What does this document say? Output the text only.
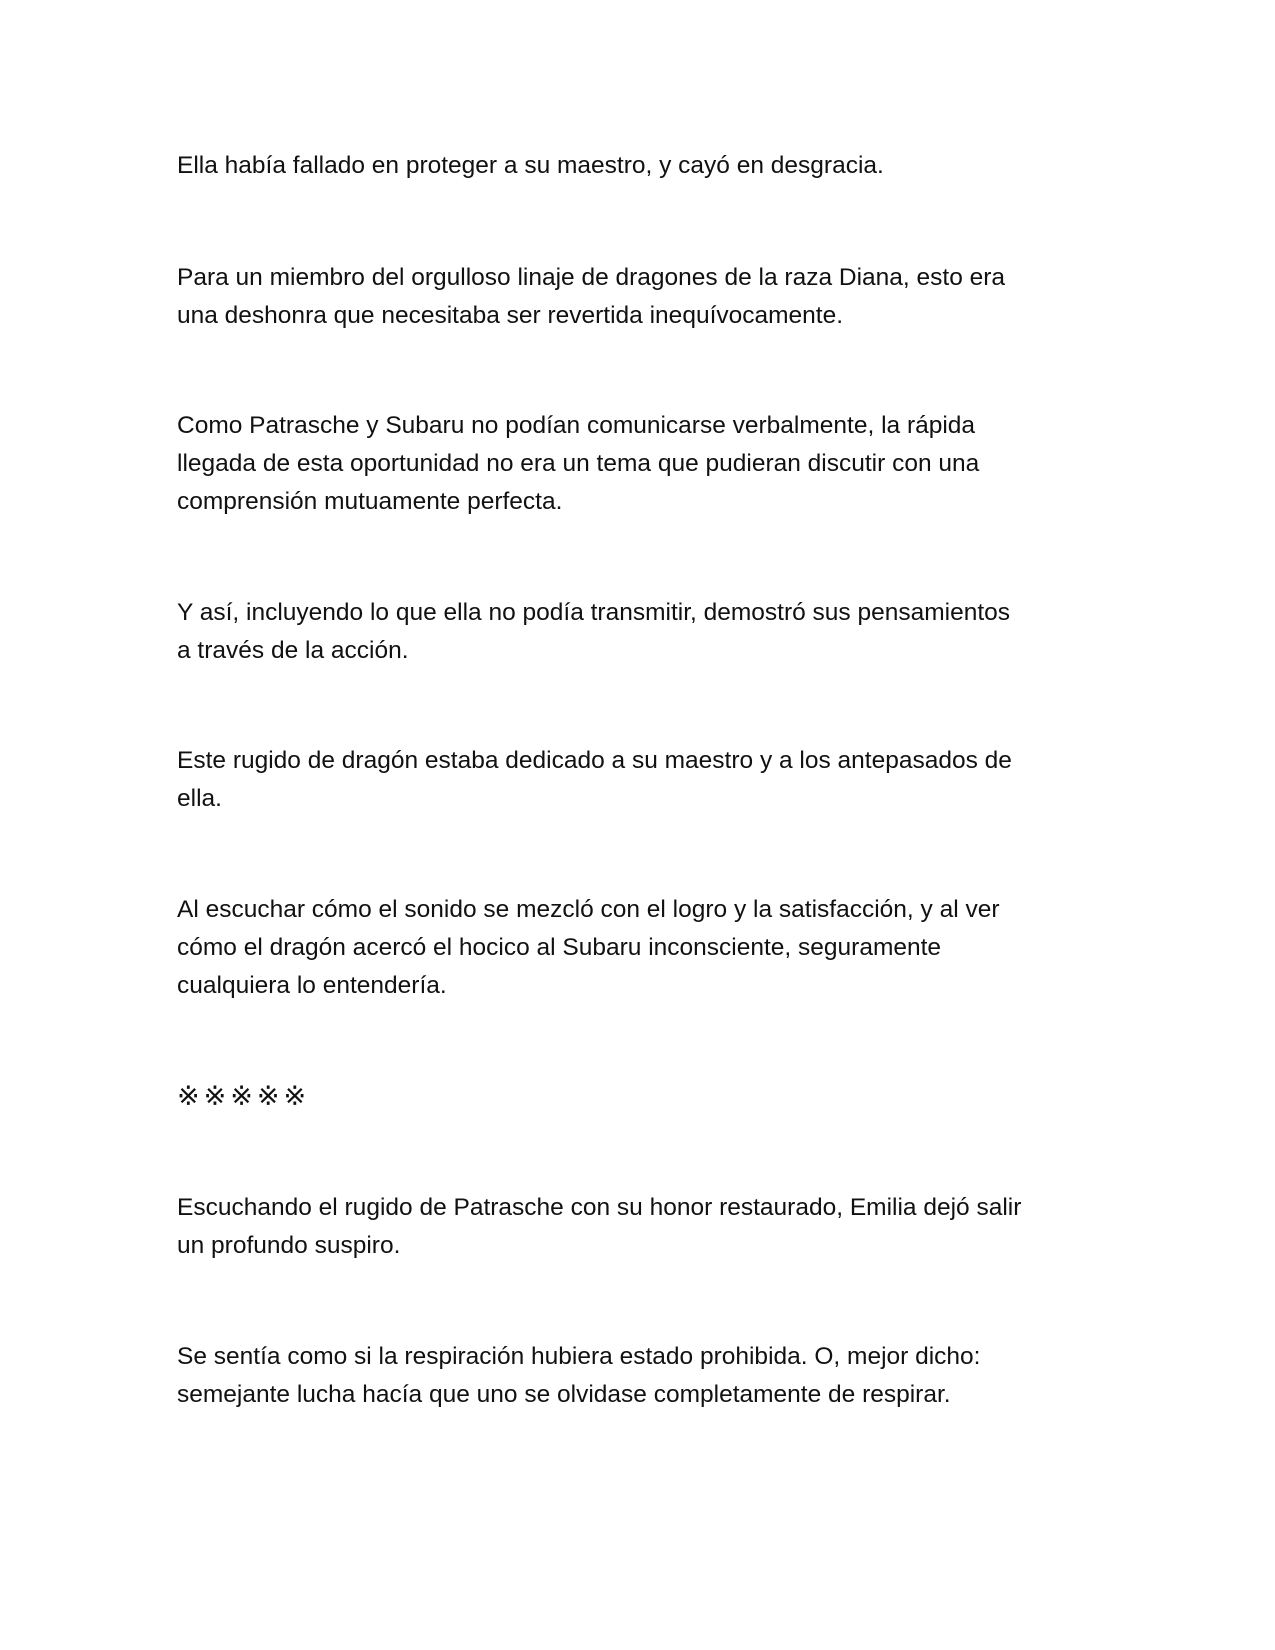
Ella había fallado en proteger a su maestro, y cayó en desgracia.

Para un miembro del orgulloso linaje de dragones de la raza Diana, esto era
una deshonra que necesitaba ser revertida inequívocamente.

Como Patrasche y Subaru no podían comunicarse verbalmente, la rápida
llegada de esta oportunidad no era un tema que pudieran discutir con una
comprensión mutuamente perfecta.

Y así, incluyendo lo que ella no podía transmitir, demostró sus pensamientos
a través de la acción.

Este rugido de dragón estaba dedicado a su maestro y a los antepasados de
ella.

Al escuchar cómo el sonido se mezcló con el logro y la satisfacción, y al ver
cómo el dragón acercó el hocico al Subaru inconsciente, seguramente
cualquiera lo entendería.

※※※※※

Escuchando el rugido de Patrasche con su honor restaurado, Emilia dejó salir
un profundo suspiro.

Se sentía como si la respiración hubiera estado prohibida. O, mejor dicho:
semejante lucha hacía que uno se olvidase completamente de respirar.
